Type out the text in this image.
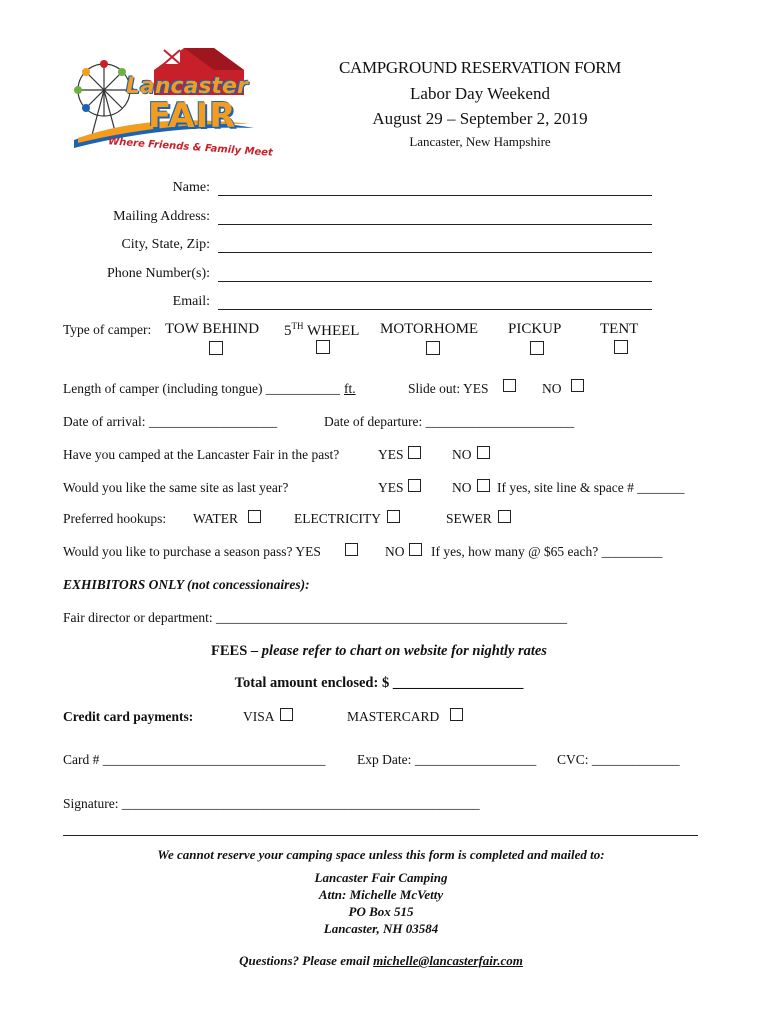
Lancaster
FAIR
Where Friends & Family Meet
CAMPGROUND RESERVATION FORM
Labor Day Weekend
August 29 – September 2, 2019
Lancaster, New Hampshire
Name:
Mailing Address:
City, State, Zip:
Phone Number(s):
Email:
Type of camper: TOW BEHIND 5TH WHEEL MOTORHOME PICKUP	TENT
Length of camper (including tongue) ___________ ft.	Slide out: YES	NO
Date of arrival: ___________________	Date of departure: ______________________
Have you camped at the Lancaster Fair in the past?	YES	NO
Would you like the same site as last year?	YES	NO If yes, site line & space # _______
Preferred hookups: WATER	ELECTRICITY	SEWER
Would you like to purchase a season pass? YES	NO If yes, how many @ $65 each? _________
EXHIBITORS ONLY (not concessionaires):
Fair director or department: ____________________________________________________
FEES – please refer to chart on website for nightly rates
Total amount enclosed: $ __________________
Credit card payments:	VISA	MASTERCARD
Card # _________________________________ Exp Date: __________________ CVC: _____________
Signature: _____________________________________________________
We cannot reserve your camping space unless this form is completed and mailed to:
Lancaster Fair Camping
Attn: Michelle McVetty
PO Box 515
Lancaster, NH 03584
Questions? Please email michelle@lancasterfair.com
